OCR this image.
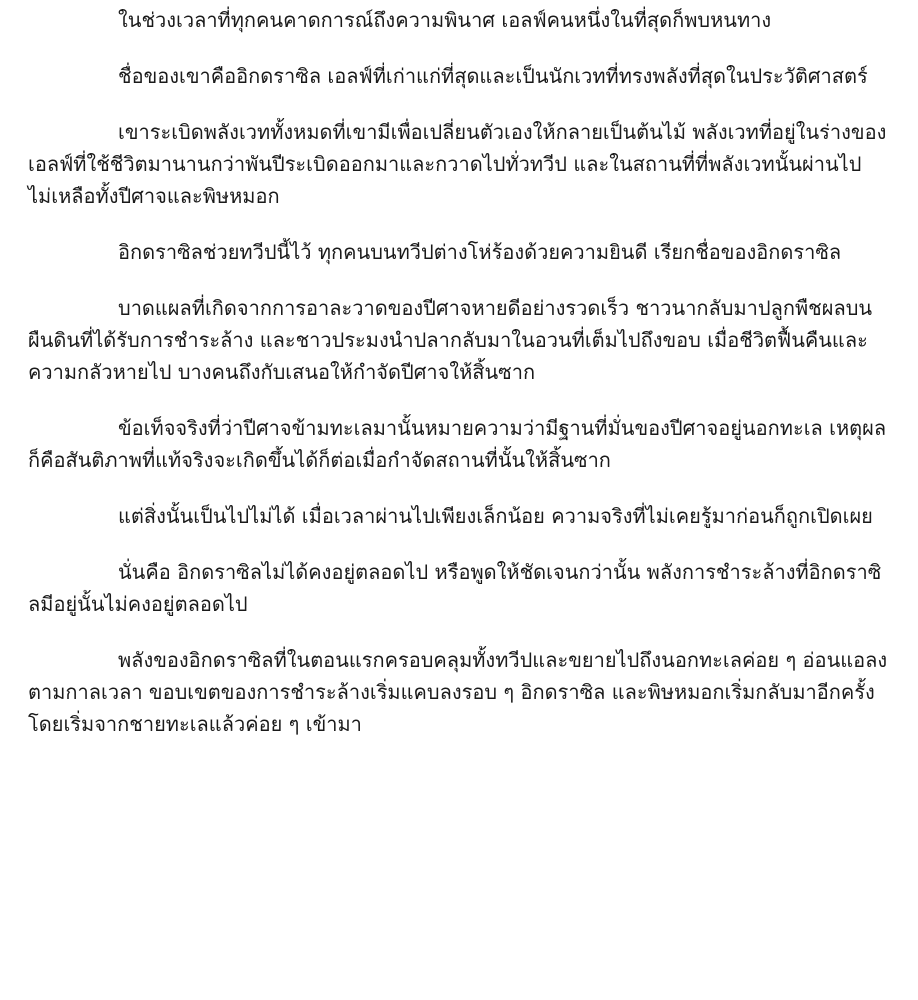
ในช่วงเวลาที่ทุกคนคาดการณ์ถึงความพินาศ เอลฟ์คนหนึ่งในที่สุดก็พบหนทาง

ชื่อของเขาคืออิกดราซิล เอลฟ์ที่เก่าแก่ที่สุดและเป็นนักเวทที่ทรงพลังที่สุดในประวัติศาสตร์

เขาระเบิดพลังเวททั้งหมดที่เขามีเพื่อเปลี่ยนตัวเองให้กลายเป็นต้นไม้ พลังเวทที่อยู่ในร่างของเอลฟ์ที่ใช้ชีวิตมานานกว่าพันปีระเบิดออกมาและกวาดไปทั่วทวีป และในสถานที่ที่พลังเวทนั้นผ่านไป ไม่เหลือทั้งปีศาจและพิษหมอก

อิกดราซิลช่วยทวีปนี้ไว้ ทุกคนบนทวีปต่างโห่ร้องด้วยความยินดี เรียกชื่อของอิกดราซิล

บาดแผลที่เกิดจากการอาละวาดของปีศาจหายดีอย่างรวดเร็ว ชาวนากลับมาปลูกพืชผลบนผืนดินที่ได้รับการชำระล้าง และชาวประมงนำปลากลับมาในอวนที่เต็มไปถึงขอบ เมื่อชีวิตฟื้นคืนและความกลัวหายไป บางคนถึงกับเสนอให้กำจัดปีศาจให้สิ้นซาก

ข้อเท็จจริงที่ว่าปีศาจข้ามทะเลมานั้นหมายความว่ามีฐานที่มั่นของปีศาจอยู่นอกทะเล เหตุผลก็คือสันติภาพที่แท้จริงจะเกิดขึ้นได้ก็ต่อเมื่อกำจัดสถานที่นั้นให้สิ้นซาก

แต่สิ่งนั้นเป็นไปไม่ได้ เมื่อเวลาผ่านไปเพียงเล็กน้อย ความจริงที่ไม่เคยรู้มาก่อนก็ถูกเปิดเผย

นั่นคือ อิกดราซิลไม่ได้คงอยู่ตลอดไป หรือพูดให้ชัดเจนกว่านั้น พลังการชำระล้างที่อิกดราซิลมีอยู่นั้นไม่คงอยู่ตลอดไป

พลังของอิกดราซิลที่ในตอนแรกครอบคลุมทั้งทวีปและขยายไปถึงนอกทะเลค่อย ๆ อ่อนแอลงตามกาลเวลา ขอบเขตของการชำระล้างเริ่มแคบลงรอบ ๆ อิกดราซิล และพิษหมอกเริ่มกลับมาอีกครั้ง โดยเริ่มจากชายทะเลแล้วค่อย ๆ เข้ามา
